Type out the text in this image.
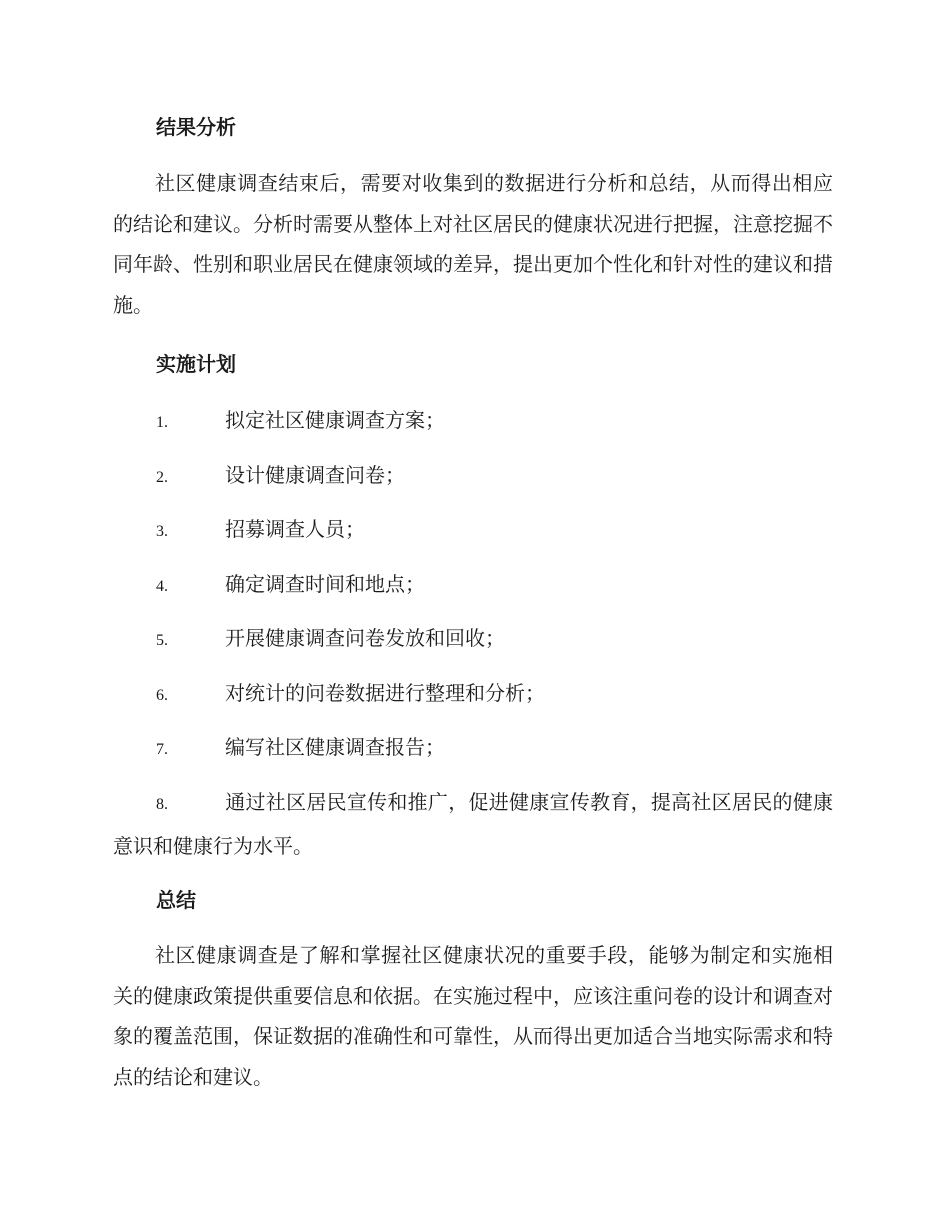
结果分析

社区健康调查结束后，需要对收集到的数据进行分析和总结，从而得出相应的结论和建议。分析时需要从整体上对社区居民的健康状况进行把握，注意挖掘不同年龄、性别和职业居民在健康领域的差异，提出更加个性化和针对性的建议和措施。

实施计划
1.	拟定社区健康调查方案；
2.	设计健康调查问卷；
3.	招募调查人员；
4.	确定调查时间和地点；
5.	开展健康调查问卷发放和回收；
6.	对统计的问卷数据进行整理和分析；
7.	编写社区健康调查报告；

8.	通过社区居民宣传和推广，促进健康宣传教育，提高社区居民的健康意识和健康行为水平。

总结

社区健康调查是了解和掌握社区健康状况的重要手段，能够为制定和实施相关的健康政策提供重要信息和依据。在实施过程中，应该注重问卷的设计和调查对象的覆盖范围，保证数据的准确性和可靠性，从而得出更加适合当地实际需求和特点的结论和建议。
